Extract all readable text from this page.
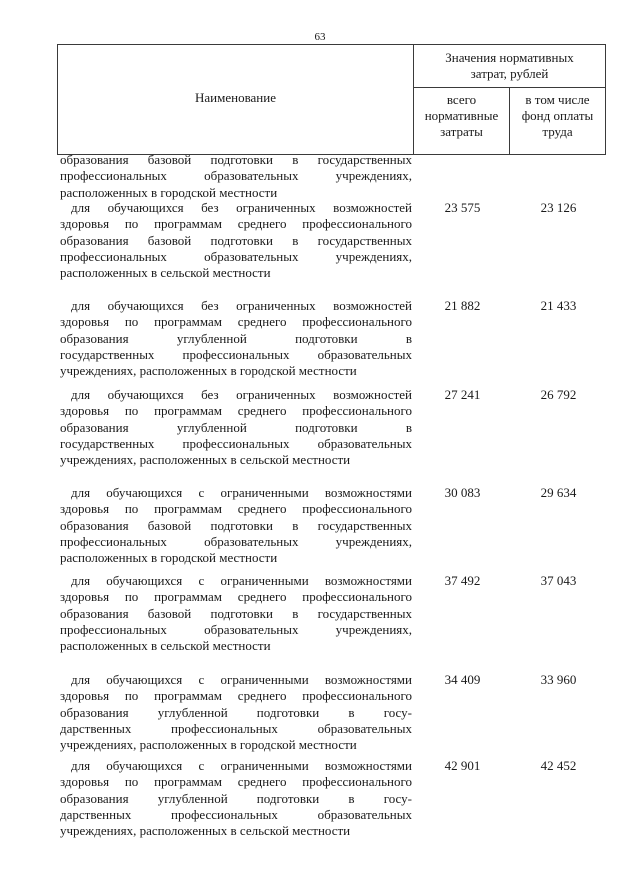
63
Наименование
Значения нормативных затрат, рублей
всего нормативные затраты
в том числе фонд оплаты труда
образования базовой подготовки в государственных
профессиональных образовательных учреждениях,
расположенных в городской местности
для обучающихся без ограниченных возможностей
здоровья по программам среднего профессионального
образования базовой подготовки в государственных
профессиональных образовательных учреждениях,
расположенных в сельской местности
23 575	23 126
для обучающихся без ограниченных возможностей
здоровья по программам среднего профессионального
образования углубленной подготовки в
государственных профессиональных образовательных
учреждениях, расположенных в городской местности
21 882	21 433
для обучающихся без ограниченных возможностей
здоровья по программам среднего профессионального
образования углубленной подготовки в
государственных профессиональных образовательных
учреждениях, расположенных в сельской местности
27 241	26 792
для обучающихся с ограниченными возможностями
здоровья по программам среднего профессионального
образования базовой подготовки в государственных
профессиональных образовательных учреждениях,
расположенных в городской местности
30 083	29 634
для обучающихся с ограниченными возможностями
здоровья по программам среднего профессионального
образования базовой подготовки в государственных
профессиональных образовательных учреждениях,
расположенных в сельской местности
37 492	37 043
для обучающихся с ограниченными возможностями
здоровья по программам среднего профессионального
образования углубленной подготовки в госу-
дарственных профессиональных образовательных
учреждениях, расположенных в городской местности
34 409	33 960
для обучающихся с ограниченными возможностями
здоровья по программам среднего профессионального
образования углубленной подготовки в госу-
дарственных профессиональных образовательных
учреждениях, расположенных в сельской местности
42 901	42 452
